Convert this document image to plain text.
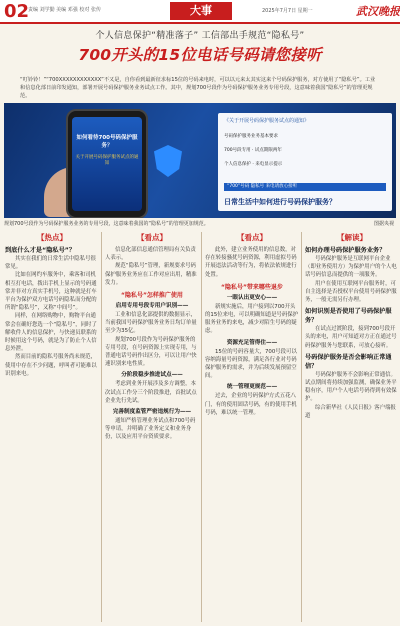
02
责编 刘学勤 美编 邓强 校对 张传	大事	2025年7月7日 星期一	武汉晚报
个人信息保护“精准落子” 工信部出手规范“隐私号”
700开头的15位电话号码请您接听
“叮铃铃！”“700XXXXXXXXXXXX”不又是，自你看到最新征求标15位的号码来电时，可以以元来太其实这来个号码保护服务，对方使用了“隐私号”。工业和信息化部日前印发通知，部署开展号码保护服务业务试点工作。其中，规划700号段作为号码保护服务业务专用号段，这意味着我国“隐私号”的管理更规范。
如何看待700号码保护服务？
关于开展号码保护服务试点的通知
《关于开展号码保护服务试点的通知》
号码保护服务业务基本要求
700号段专用 · 试点期限两年
个人信息保护 · 来电显示提示
“700”号码 隐私号 来电请放心接听
日常生活中如何进行号码保护服务？
规划700号段作为号码保护服务业务的专用号段，这意味着我国的“隐私号”的管理更加规范。	图据央视
【热点】
到底什么才是“隐私号”？

其实在我们的日常生活中隐私号很常见。

比如在网约车服务中，乘客和司机相互打电话，拨出手机上显示的号码通常并非对方真实手机号，这种就是打车平台为保护双方电话号码隐私而分配的所谓“隐私号”，又称“中间号”。

同样，在网络购物中，购物平台通常会在确好您选一个“隐私号”，同时了解收件人的信息保护，与快递员联系的时候用这个号码，就是为了防止个人信息外泄。

然而目前的隐私号服务尚未规范，使用中存在不少问题，呼叫者可能难以识别来电。

【看点】

信息化部信息通信管理局有关负责人表示，

规范“隐私号”管理，新规要求号码保护服务业务应在工作对应出用，精准发力。

“隐私号”怎样推广使用
启用专用号段专用户识别——

工业和信息化部提供的数据显示，当前我国号码保护服务业务日均订单量至少为35亿。

规划700号段作为号码保护服务的专用号段，在号码资源上实现专用，与普通电话号码作出区分，可以让用户快速识别来电性质。

分阶段稳步推进试点——

考虑到业务开展涉及多方调整，本次试点工作分三个阶段推进，首批试点企业先行先试。

完善制度监管严密违规行为——

通知严格管理业务试点和700号码等申请，并明确了业务定义和业务身份，以及应用平台资质要求。

【看点】

此外，建立业务使用的信息数，对存在转接骚扰号码资源，利用虚拟号码开展违法活动等行为，将依法依规进行处置。

“隐私号”带来哪些退步
一眼认出更安心——

新规实施后，用户接到以700开头的15位来电，可以明确知道是号码保护服务业务的来电，减少对陌生号码的疑虑。

资源充足管得住——

15位的号码容量大，700号段可以容纳海量号码资源，满足各行业对号码保护服务的需求，并为后续发展预留空间。

统一管理更规范——

过去，企业的号码保护方式五花八门，有的使用固话号码，有的使用手机号码，难以统一管理。

【解读】
如何办理号码保护服务业务？

号码保护服务是互联网平台企业（即业务使用方）为保护用户的个人电话号码信息而提供的一项服务。

用户在使用互联网平台服务时，可自主选择是否授权平台使用号码保护服务，一般无需另行办理。

如何识别是否使用了号码保护服务？

在试点过渡阶段，接到700号段开头的来电，用户可知道对方正在通过号码保护服务与您联系，可放心接听。

号码保护服务是否会影响正常通信？

号码保护服务不会影响正常通信。试点期间将持续加强监测，确保业务平稳有序，用户个人电话号码得到有效保护。

综合新华社《人民日报》客户端报道
